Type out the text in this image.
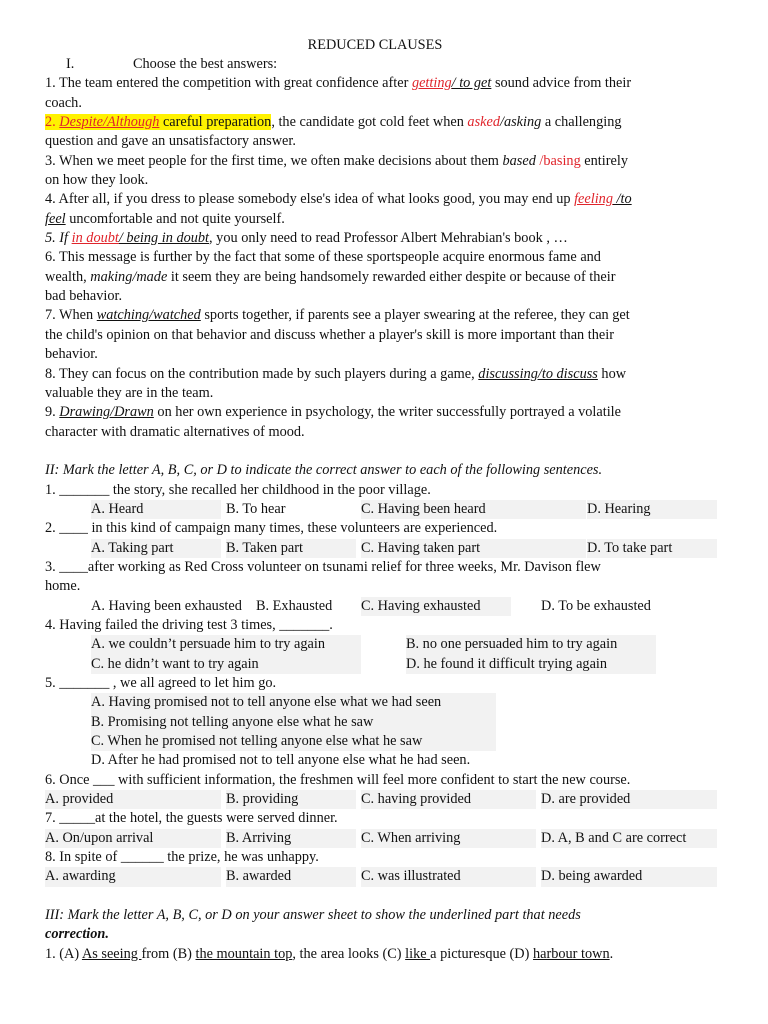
REDUCED CLAUSES
I.	Choose the best answers:
1. The team entered the competition with great confidence after getting/ to get sound advice from their
coach.
2. Despite/Although careful preparation, the candidate got cold feet when asked/asking a challenging
question and gave an unsatisfactory answer.
3. When we meet people for the first time, we often make decisions about them based /basing entirely
on how they look.
4. After all, if you dress to please somebody else's idea of what looks good, you may end up feeling /to
feel uncomfortable and not quite yourself.
5. If in doubt/ being in doubt, you only need to read Professor Albert Mehrabian's book , …
6. This message is further by the fact that some of these sportspeople acquire enormous fame and
wealth, making/made it seem they are being handsomely rewarded either despite or because of their
bad behavior.
7. When watching/watched sports together, if parents see a player swearing at the referee, they can get
the child's opinion on that behavior and discuss whether a player's skill is more important than their
behavior.
8. They can focus on the contribution made by such players during a game, discussing/to discuss how
valuable they are in the team.
9. Drawing/Drawn on her own experience in psychology, the writer successfully portrayed a volatile
character with dramatic alternatives of mood.
II: Mark the letter A, B, C, or D to indicate the correct answer to each of the following sentences.
1. _______ the story, she recalled her childhood in the poor village.
A. Heard	B. To hear	C. Having been heard	D. Hearing
2. ____ in this kind of campaign many times, these volunteers are experienced.
A. Taking part	B. Taken part	C. Having taken part	D. To take part
3. ____after working as Red Cross volunteer on tsunami relief for three weeks, Mr. Davison flew
home.
A. Having been exhausted B. Exhausted C. Having exhausted	D. To be exhausted
4. Having failed the driving test 3 times, _______.
A. we couldn’t persuade him to try again	B. no one persuaded him to try again
C. he didn’t want to try again	D. he found it difficult trying again
5. _______ , we all agreed to let him go.
A. Having promised not to tell anyone else what we had seen
B. Promising not telling anyone else what he saw
C. When he promised not telling anyone else what he saw
D. After he had promised not to tell anyone else what he had seen.
6. Once ___ with sufficient information, the freshmen will feel more confident to start the new course.
A. provided	B. providing	C. having provided	D. are provided
7. _____at the hotel, the guests were served dinner.
A. On/upon arrival	B. Arriving	C. When arriving	D. A, B and C are correct
8. In spite of ______ the prize, he was unhappy.
A. awarding	B. awarded	C. was illustrated	D. being awarded
III: Mark the letter A, B, C, or D on your answer sheet to show the underlined part that needs
correction.
1. (A) As seeing from (B) the mountain top, the area looks (C) like a picturesque (D) harbour town.
